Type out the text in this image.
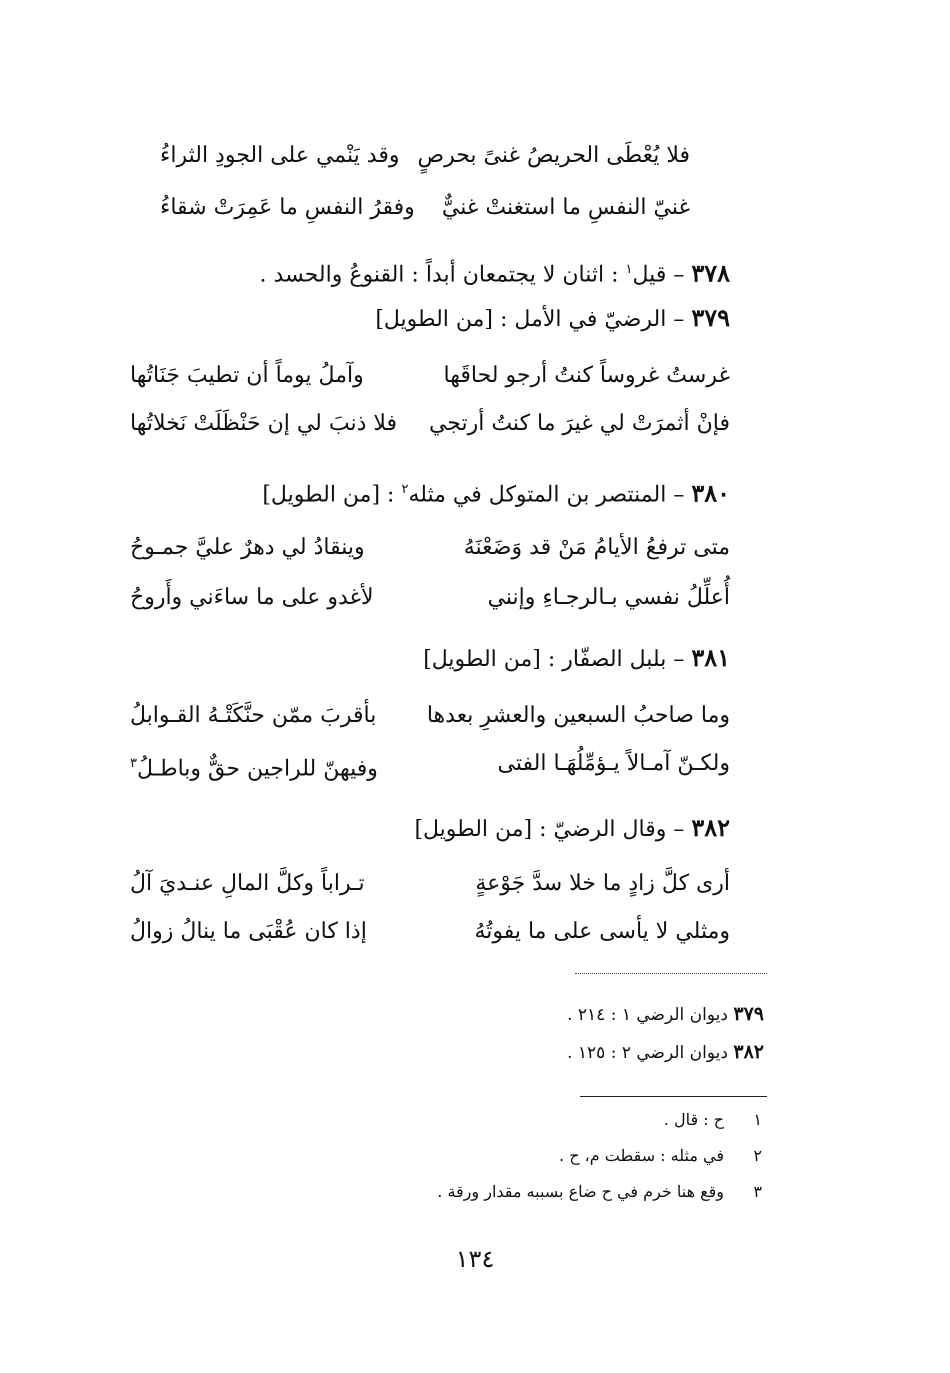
فلا يُعْطَى الحريصُ غنىً بحرصٍ
وقد يَنْمي على الجودِ الثراءُ
غنيّ النفسِ ما استغنتْ غنيٌّ
وفقرُ النفسِ ما عَمِرَتْ شقاءُ
٣٧٨ – قيل$^١$ : اثنان لا يجتمعان أبداً : القنوعُ والحسد .
٣٧٩ – الرضيّ في الأمل : [من الطويل]
غرستُ غروساً كنتُ أرجو لحاقَها
وآملُ يوماً أن تطيبَ جَنَاتُها
فإنْ أثمرَتْ لي غيرَ ما كنتُ أرتجي
فلا ذنبَ لي إن حَنْظَلَتْ نَخلاتُها
٣٨٠ – المنتصر بن المتوكل في مثله$^٢$ : [من الطويل]
متى ترفعُ الأيامُ مَنْ قد وَضَعْنَهُ
وينقادُ لي دهرٌ عليَّ جمـوحُ
أُعلِّلُ نفسي بـالرجـاءِ وإنني
لأغدو على ما ساءَني وأَروحُ
٣٨١ – بلبل الصفّار : [من الطويل]
وما صاحبُ السبعين والعشرِ بعدها
بأقربَ ممّن حنَّكَتْـهُ القـوابلُ
ولكـنّ آمـالاً يـؤمِّلُهَـا الفتى
وفيهنّ للراجين حقٌّ وباطـلُ$^٣$
٣٨٢ – وقال الرضيّ : [من الطويل]
أرى كلَّ زادٍ ما خلا سدَّ جَوْعةٍ
تـراباً وكلَّ المالِ عنـديَ آلُ
ومثلي لا يأسى على ما يفوتُهُ
إذا كان عُقْبَى ما ينالُ زوالُ
٣٧٩ ديوان الرضي ١ : ٢١٤ .
٣٨٢ ديوان الرضي ٢ : ١٢٥ .
١ح : قال .
٢في مثله : سقطت م، ح .
٣وقع هنا خرم في ح ضاع بسببه مقدار ورقة .
١٣٤
